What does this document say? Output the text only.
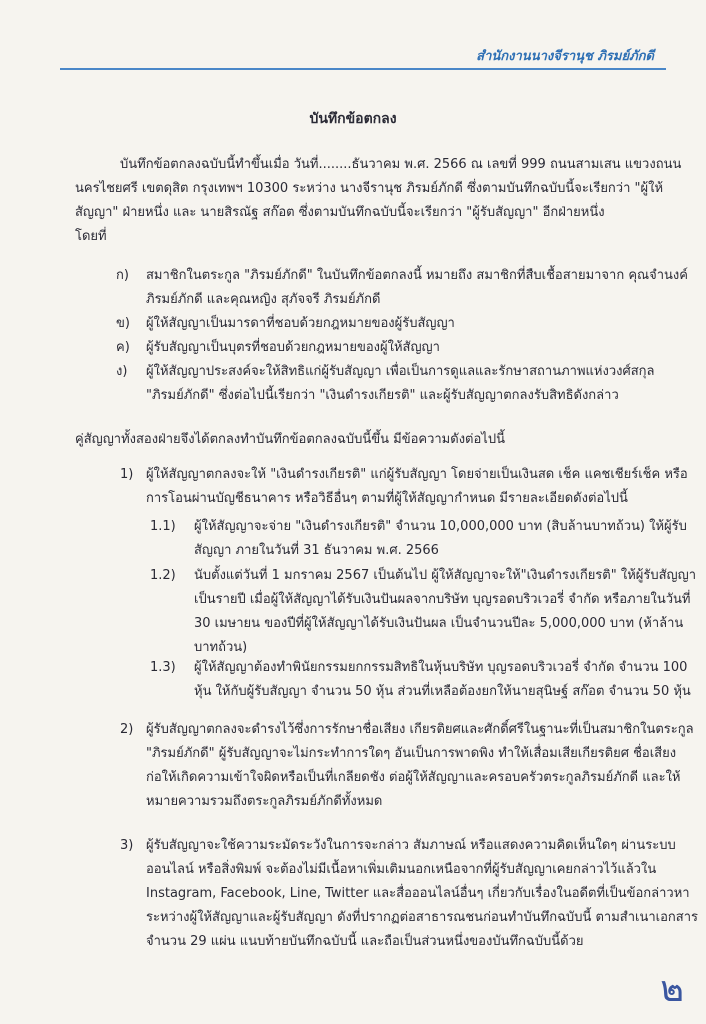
สำนักงานนางจีรานุช ภิรมย์ภักดี
บันทึกข้อตกลง
บันทึกข้อตกลงฉบับนี้ทำขึ้นเมื่อ วันที่........ธันวาคม พ.ศ. 2566 ณ เลขที่ 999 ถนนสามเสน แขวงถนน
นครไชยศรี เขตดุสิต กรุงเทพฯ 10300 ระหว่าง นางจีรานุช ภิรมย์ภักดี ซึ่งตามบันทึกฉบับนี้จะเรียกว่า "ผู้ให้
สัญญา" ฝ่ายหนึ่ง และ นายสิรณัฐ สก๊อต ซึ่งตามบันทึกฉบับนี้จะเรียกว่า "ผู้รับสัญญา" อีกฝ่ายหนึ่ง
โดยที่
ก) สมาชิกในตระกูล "ภิรมย์ภักดี" ในบันทึกข้อตกลงนี้ หมายถึง สมาชิกที่สืบเชื้อสายมาจาก คุณจำนงค์
ภิรมย์ภักดี และคุณหญิง สุภัจจรี ภิรมย์ภักดี
ข) ผู้ให้สัญญาเป็นมารดาที่ชอบด้วยกฎหมายของผู้รับสัญญา
ค) ผู้รับสัญญาเป็นบุตรที่ชอบด้วยกฎหมายของผู้ให้สัญญา
ง) ผู้ให้สัญญาประสงค์จะให้สิทธิแก่ผู้รับสัญญา เพื่อเป็นการดูแลและรักษาสถานภาพแห่งวงศ์สกุล
"ภิรมย์ภักดี" ซึ่งต่อไปนี้เรียกว่า "เงินดำรงเกียรติ" และผู้รับสัญญาตกลงรับสิทธิดังกล่าว
คู่สัญญาทั้งสองฝ่ายจึงได้ตกลงทำบันทึกข้อตกลงฉบับนี้ขึ้น มีข้อความดังต่อไปนี้
1) ผู้ให้สัญญาตกลงจะให้ "เงินดำรงเกียรติ" แก่ผู้รับสัญญา โดยจ่ายเป็นเงินสด เช็ค แคชเชียร์เช็ค หรือ
การโอนผ่านบัญชีธนาคาร หรือวิธีอื่นๆ ตามที่ผู้ให้สัญญากำหนด มีรายละเอียดดังต่อไปนี้
1.1) ผู้ให้สัญญาจะจ่าย "เงินดำรงเกียรติ" จำนวน 10,000,000 บาท (สิบล้านบาทถ้วน) ให้ผู้รับ
สัญญา ภายในวันที่ 31 ธันวาคม พ.ศ. 2566
1.2) นับตั้งแต่วันที่ 1 มกราคม 2567 เป็นต้นไป ผู้ให้สัญญาจะให้"เงินดำรงเกียรติ" ให้ผู้รับสัญญา
เป็นรายปี เมื่อผู้ให้สัญญาได้รับเงินปันผลจากบริษัท บุญรอดบริวเวอรี่ จำกัด หรือภายในวันที่
30 เมษายน ของปีที่ผู้ให้สัญญาได้รับเงินปันผล เป็นจำนวนปีละ 5,000,000 บาท (ห้าล้าน
บาทถ้วน)
1.3) ผู้ให้สัญญาต้องทำพินัยกรรมยกกรรมสิทธิในหุ้นบริษัท บุญรอดบริวเวอรี่ จำกัด จำนวน 100
หุ้น ให้กับผู้รับสัญญา จำนวน 50 หุ้น ส่วนที่เหลือต้องยกให้นายสุนิษฐ์ สก๊อต จำนวน 50 หุ้น
2) ผู้รับสัญญาตกลงจะดำรงไว้ซึ่งการรักษาชื่อเสียง เกียรติยศและศักดิ์ศรีในฐานะที่เป็นสมาชิกในตระกูล
"ภิรมย์ภักดี" ผู้รับสัญญาจะไม่กระทำการใดๆ อันเป็นการพาดพิง ทำให้เสื่อมเสียเกียรติยศ ชื่อเสียง
ก่อให้เกิดความเข้าใจผิดหรือเป็นที่เกลียดชัง ต่อผู้ให้สัญญาและครอบครัวตระกูลภิรมย์ภักดี และให้
หมายความรวมถึงตระกูลภิรมย์ภักดีทั้งหมด
3) ผู้รับสัญญาจะใช้ความระมัดระวังในการจะกล่าว สัมภาษณ์ หรือแสดงความคิดเห็นใดๆ ผ่านระบบ
ออนไลน์ หรือสิ่งพิมพ์ จะต้องไม่มีเนื้อหาเพิ่มเติมนอกเหนือจากที่ผู้รับสัญญาเคยกล่าวไว้แล้วใน
Instagram, Facebook, Line, Twitter และสื่อออนไลน์อื่นๆ เกี่ยวกับเรื่องในอดีตที่เป็นข้อกล่าวหา
ระหว่างผู้ให้สัญญาและผู้รับสัญญา ดังที่ปรากฏต่อสาธารณชนก่อนทำบันทึกฉบับนี้ ตามสำเนาเอกสาร
จำนวน 29 แผ่น แนบท้ายบันทึกฉบับนี้ และถือเป็นส่วนหนึ่งของบันทึกฉบับนี้ด้วย
๒
